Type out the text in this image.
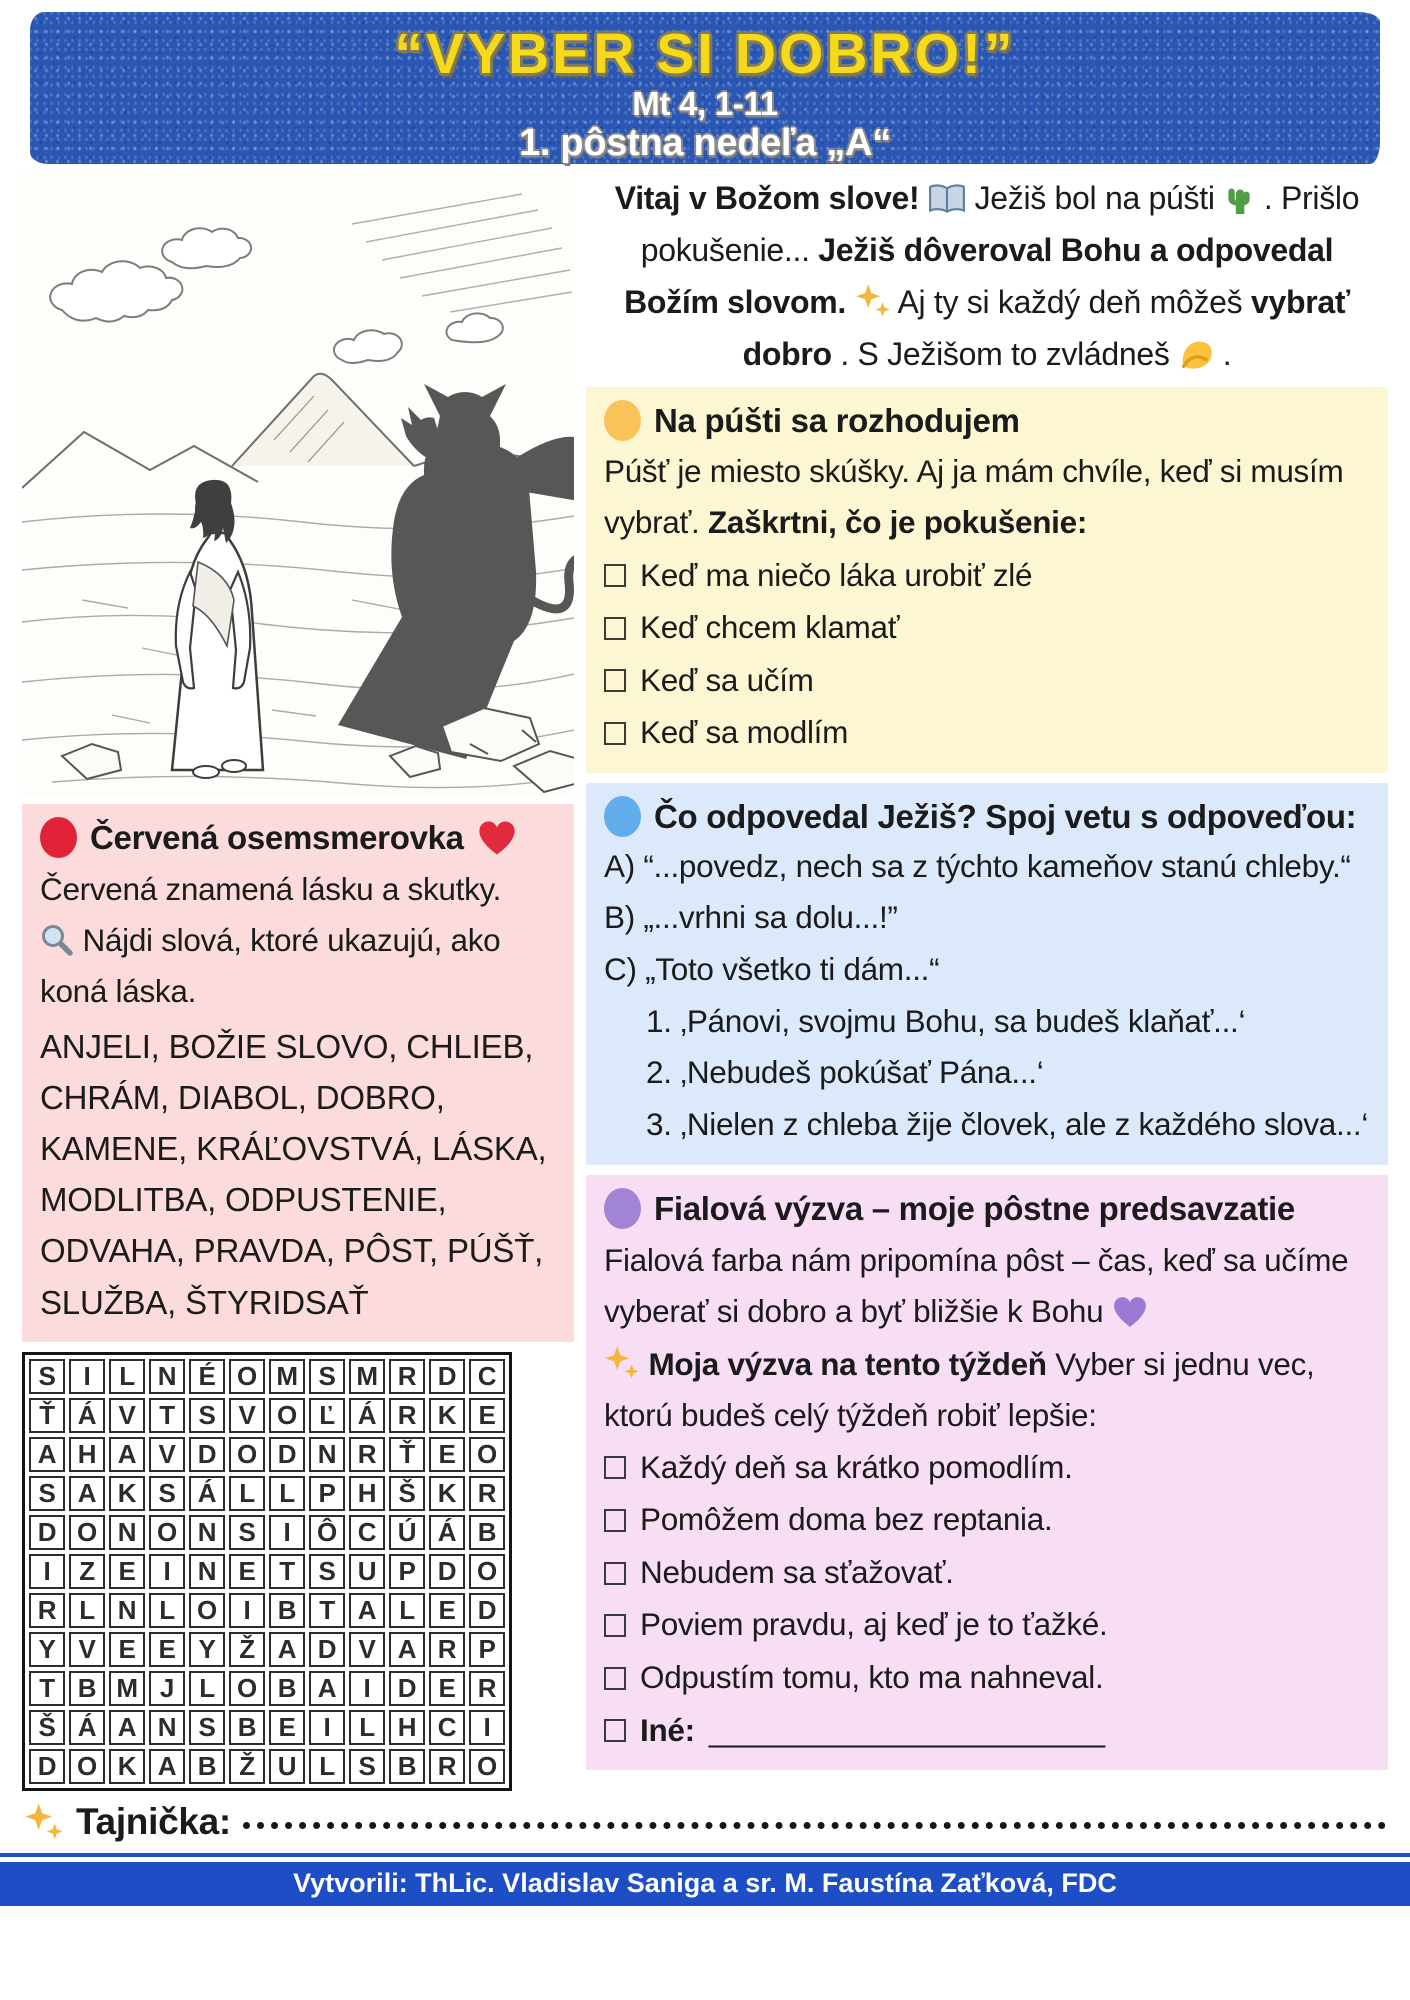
“VYBER SI DOBRO!”
Mt 4, 1-11
1. pôstna nedeľa „A“
Červená osemsmerovka
Červená znamená lásku a skutky.
Nájdi slová, ktoré ukazujú, ako koná láska.
ANJELI, BOŽIE SLOVO, CHLIEB, CHRÁM, DIABOL, DOBRO, KAMENE, KRÁĽOVSTVÁ, LÁSKA, MODLITBA, ODPUSTENIE, ODVAHA, PRAVDA, PÔST, PÚŠŤ, SLUŽBA, ŠTYRIDSAŤ
S	I	L	N	É	O	M	S	M	R	D	C
Ť	Á	V	T	S	V	O	Ľ	Á	R	K	E
A	H	A	V	D	O	D	N	R	Ť	E	O
S	A	K	S	Á	L	L	P	H	Š	K	R
D	O	N	O	N	S	I	Ô	C	Ú	Á	B
I	Z	E	I	N	E	T	S	U	P	D	O
R	L	N	L	O	I	B	T	A	L	E	D
Y	V	E	E	Y	Ž	A	D	V	A	R	P
T	B	M	J	L	O	B	A	I	D	E	R
Š	Á	A	N	S	B	E	I	L	H	C	I
D	O	K	A	B	Ž	U	L	S	B	R	O
Vitaj v Božom slove!  Ježiš bol na púšti  . Prišlo pokušenie... Ježiš dôveroval Bohu a odpovedal Božím slovom.  Aj ty si každý deň môžeš vybrať dobro . S Ježišom to zvládneš  .
Na púšti sa rozhodujem
Púšť je miesto skúšky. Aj ja mám chvíle, keď si musím vybrať. Zaškrtni, čo je pokušenie:
Keď ma niečo láka urobiť zlé
Keď chcem klamať
Keď sa učím
Keď sa modlím
Čo odpovedal Ježiš? Spoj vetu s odpoveďou:
A) “...povedz, nech sa z týchto kameňov stanú chleby.“
B) „...vrhni sa dolu...!”
C) „Toto všetko ti dám...“
1. ‚Pánovi, svojmu Bohu, sa budeš klaňať...‘
2. ‚Nebudeš pokúšať Pána...‘
3. ‚Nielen z chleba žije človek, ale z každého slova...‘
Fialová výzva – moje pôstne predsavzatie
Fialová farba nám pripomína pôst – čas, keď sa učíme vyberať si dobro a byť bližšie k Bohu
Moja výzva na tento týždeň Vyber si jednu vec, ktorú budeš celý týždeň robiť lepšie:
Každý deň sa krátko pomodlím.
Pomôžem doma bez reptania.
Nebudem sa sťažovať.
Poviem pravdu, aj keď je to ťažké.
Odpustím tomu, kto ma nahneval.
Iné: _______________________
Tajnička:
Vytvorili: ThLic. Vladislav Saniga a sr. M. Faustína Zaťková, FDC
